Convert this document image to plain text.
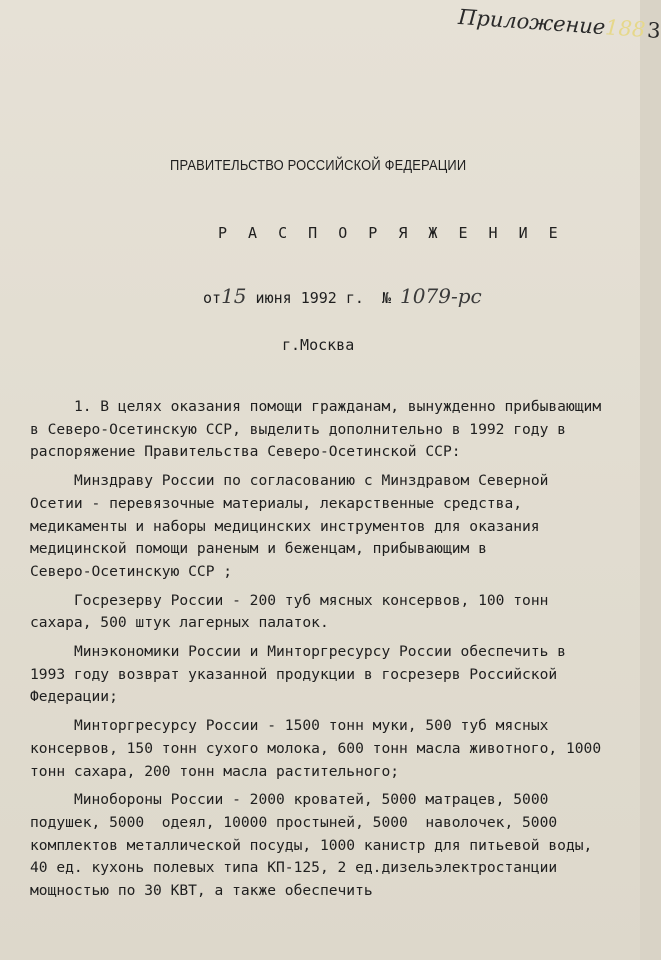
Приложение1883
ПРАВИТЕЛЬСТВО РОССИЙСКОЙ ФЕДЕРАЦИИ
Р А С П О Р Я Ж Е Н И Е
от15 июня 1992 г. № 1079-рс
г.Москва

1. В целях оказания помощи гражданам, вынужденно прибывающим
в Северо-Осетинскую ССР, выделить дополнительно в 1992 году в
распоряжение Правительства Северо-Осетинской ССР:

Минздраву России по согласованию с Минздравом Северной
Осетии - перевязочные материалы, лекарственные средства,
медикаменты и наборы медицинских инструментов для оказания
медицинской помощи раненым и беженцам, прибывающим в
Северо-Осетинскую ССР ;

Госрезерву России - 200 туб мясных консервов, 100 тонн
сахара, 500 штук лагерных палаток.

Минэкономики России и Минторгресурсу России обеспечить в
1993 году возврат указанной продукции в госрезерв Российской
Федерации;

Минторгресурсу России - 1500 тонн муки, 500 туб мясных
консервов, 150 тонн сухого молока, 600 тонн масла животного, 1000
тонн сахара, 200 тонн масла растительного;

Минобороны России - 2000 кроватей, 5000 матрацев, 5000
подушек, 5000  одеял, 10000 простыней, 5000  наволочек, 5000
комплектов металлической посуды, 1000 канистр для питьевой воды,
40 ед. кухонь полевых типа КП-125, 2 ед.дизельэлектростанции
мощностью по 30 КВТ, а также обеспечить
